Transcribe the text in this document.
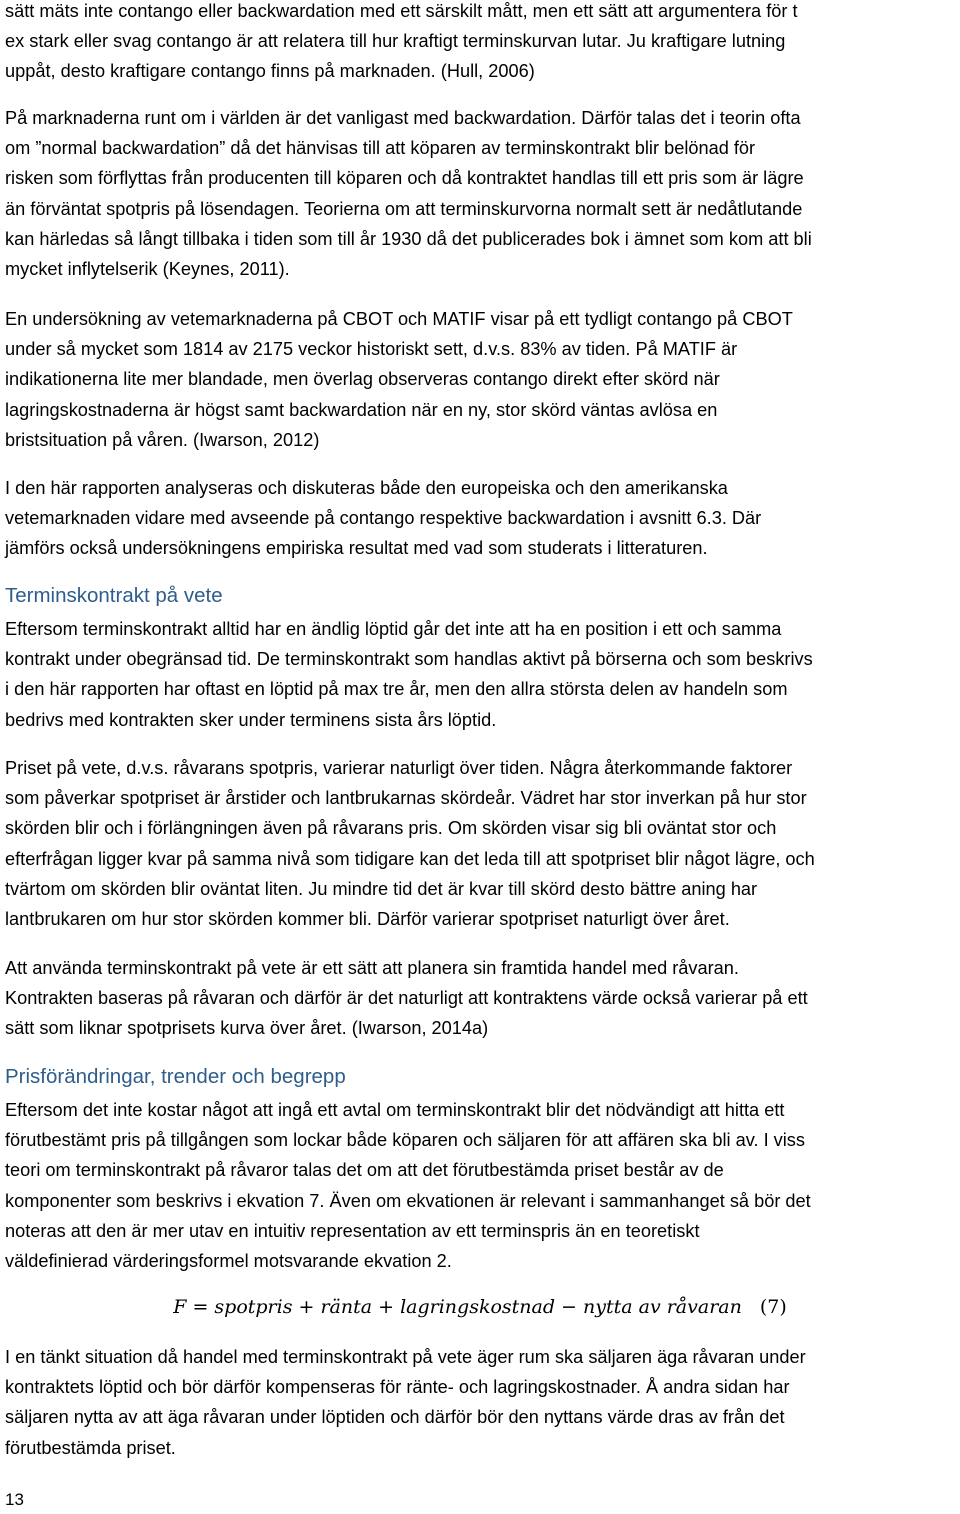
sätt mäts inte contango eller backwardation med ett särskilt mått, men ett sätt att argumentera för t
ex stark eller svag contango är att relatera till hur kraftigt terminskurvan lutar. Ju kraftigare lutning
uppåt, desto kraftigare contango finns på marknaden. (Hull, 2006)

På marknaderna runt om i världen är det vanligast med backwardation. Därför talas det i teorin ofta
om ”normal backwardation” då det hänvisas till att köparen av terminskontrakt blir belönad för
risken som förflyttas från producenten till köparen och då kontraktet handlas till ett pris som är lägre
än förväntat spotpris på lösendagen. Teorierna om att terminskurvorna normalt sett är nedåtlutande
kan härledas så långt tillbaka i tiden som till år 1930 då det publicerades bok i ämnet som kom att bli
mycket inflytelserik (Keynes, 2011).

En undersökning av vetemarknaderna på CBOT och MATIF visar på ett tydligt contango på CBOT
under så mycket som 1814 av 2175 veckor historiskt sett, d.v.s. 83% av tiden. På MATIF är
indikationerna lite mer blandade, men överlag observeras contango direkt efter skörd när
lagringskostnaderna är högst samt backwardation när en ny, stor skörd väntas avlösa en
bristsituation på våren. (Iwarson, 2012)

I den här rapporten analyseras och diskuteras både den europeiska och den amerikanska
vetemarknaden vidare med avseende på contango respektive backwardation i avsnitt 6.3. Där
jämförs också undersökningens empiriska resultat med vad som studerats i litteraturen.

Terminskontrakt på vete

Eftersom terminskontrakt alltid har en ändlig löptid går det inte att ha en position i ett och samma
kontrakt under obegränsad tid. De terminskontrakt som handlas aktivt på börserna och som beskrivs
i den här rapporten har oftast en löptid på max tre år, men den allra största delen av handeln som
bedrivs med kontrakten sker under terminens sista års löptid.

Priset på vete, d.v.s. råvarans spotpris, varierar naturligt över tiden. Några återkommande faktorer
som påverkar spotpriset är årstider och lantbrukarnas skördeår. Vädret har stor inverkan på hur stor
skörden blir och i förlängningen även på råvarans pris. Om skörden visar sig bli oväntat stor och
efterfrågan ligger kvar på samma nivå som tidigare kan det leda till att spotpriset blir något lägre, och
tvärtom om skörden blir oväntat liten. Ju mindre tid det är kvar till skörd desto bättre aning har
lantbrukaren om hur stor skörden kommer bli. Därför varierar spotpriset naturligt över året.

Att använda terminskontrakt på vete är ett sätt att planera sin framtida handel med råvaran.
Kontrakten baseras på råvaran och därför är det naturligt att kontraktens värde också varierar på ett
sätt som liknar spotprisets kurva över året. (Iwarson, 2014a)

Prisförändringar, trender och begrepp

Eftersom det inte kostar något att ingå ett avtal om terminskontrakt blir det nödvändigt att hitta ett
förutbestämt pris på tillgången som lockar både köparen och säljaren för att affären ska bli av. I viss
teori om terminskontrakt på råvaror talas det om att det förutbestämda priset består av de
komponenter som beskrivs i ekvation 7. Även om ekvationen är relevant i sammanhanget så bör det
noteras att den är mer utav en intuitiv representation av ett terminspris än en teoretiskt
väldefinierad värderingsformel motsvarande ekvation 2.

F = spotpris + ränta + lagringskostnad − nytta av råvaran (7)

I en tänkt situation då handel med terminskontrakt på vete äger rum ska säljaren äga råvaran under
kontraktets löptid och bör därför kompenseras för ränte- och lagringskostnader. Å andra sidan har
säljaren nytta av att äga råvaran under löptiden och därför bör den nyttans värde dras av från det
förutbestämda priset.

13
